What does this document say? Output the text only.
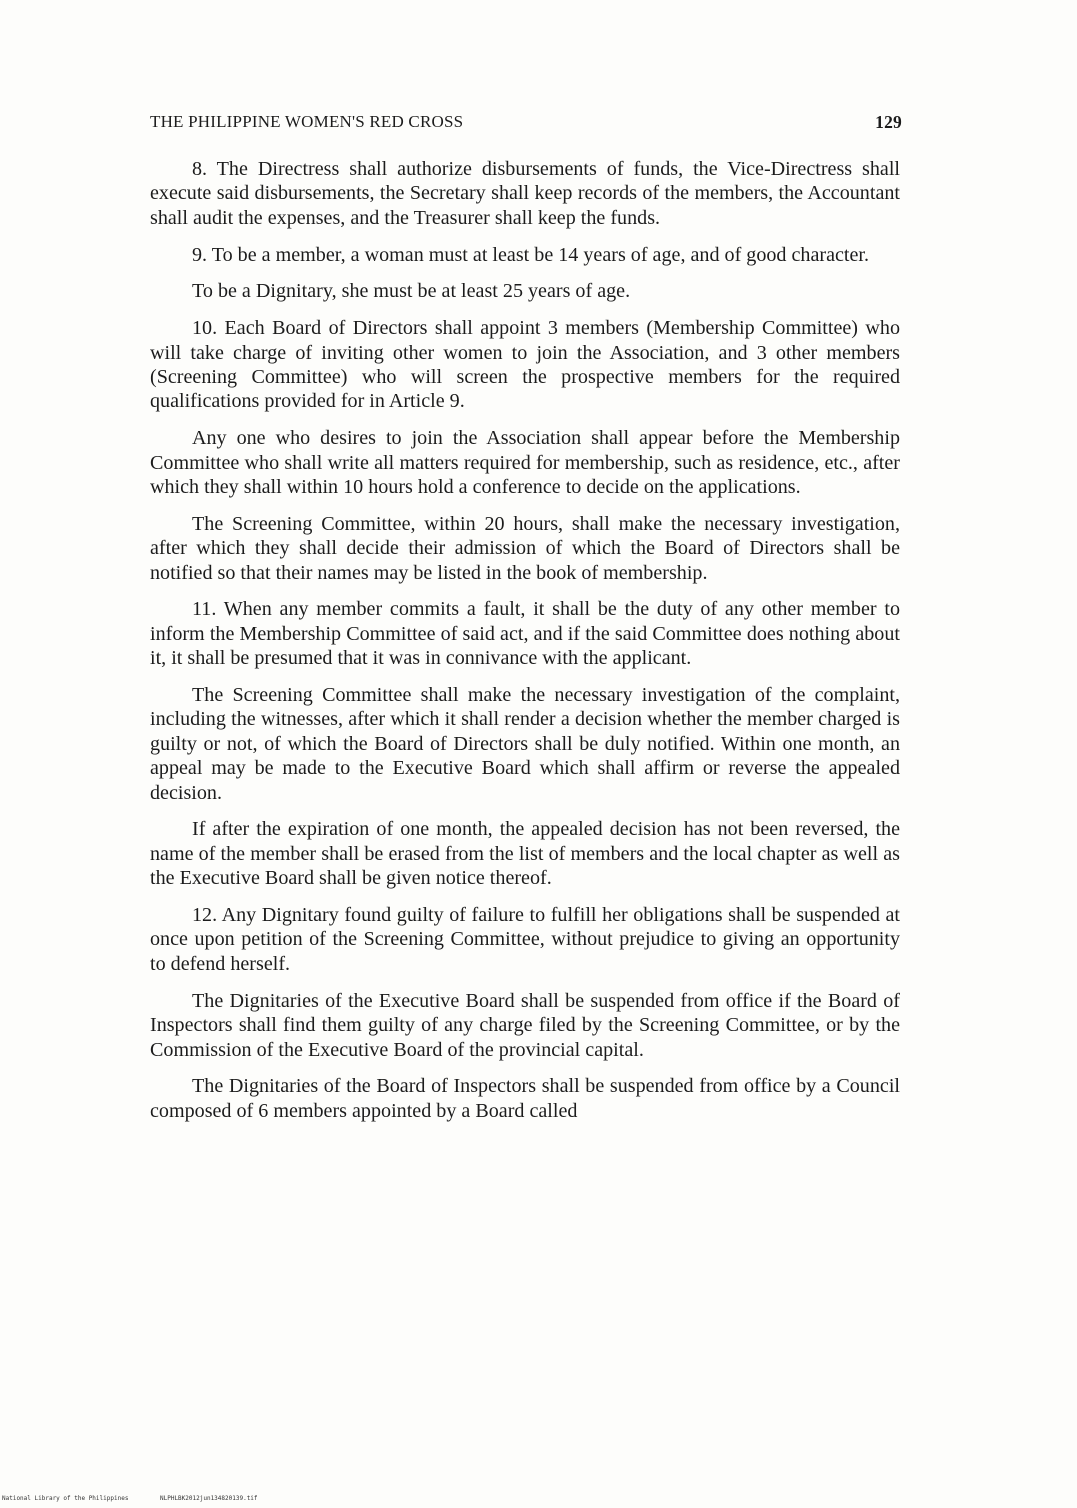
THE PHILIPPINE WOMEN'S RED CROSS	129

8. The Directress shall authorize disbursements of funds, the Vice-Directress shall execute said disbursements, the Secretary shall keep records of the members, the Accountant shall audit the expenses, and the Treasurer shall keep the funds.

9. To be a member, a woman must at least be 14 years of age, and of good character.

To be a Dignitary, she must be at least 25 years of age.

10. Each Board of Directors shall appoint 3 members (Membership Committee) who will take charge of inviting other women to join the Association, and 3 other members (Screening Committee) who will screen the prospective members for the required qualifications provided for in Article 9.

Any one who desires to join the Association shall appear before the Membership Committee who shall write all matters required for membership, such as residence, etc., after which they shall within 10 hours hold a conference to decide on the applications.

The Screening Committee, within 20 hours, shall make the necessary investigation, after which they shall decide their admission of which the Board of Directors shall be notified so that their names may be listed in the book of membership.

11. When any member commits a fault, it shall be the duty of any other member to inform the Membership Committee of said act, and if the said Committee does nothing about it, it shall be presumed that it was in connivance with the applicant.

The Screening Committee shall make the necessary investigation of the complaint, including the witnesses, after which it shall render a decision whether the member charged is guilty or not, of which the Board of Directors shall be duly notified. Within one month, an appeal may be made to the Executive Board which shall affirm or reverse the appealed decision.

If after the expiration of one month, the appealed decision has not been reversed, the name of the member shall be erased from the list of members and the local chapter as well as the Executive Board shall be given notice thereof.

12. Any Dignitary found guilty of failure to fulfill her obligations shall be suspended at once upon petition of the Screening Committee, without prejudice to giving an opportunity to defend herself.

The Dignitaries of the Executive Board shall be suspended from office if the Board of Inspectors shall find them guilty of any charge filed by the Screening Committee, or by the Commission of the Executive Board of the provincial capital.

The Dignitaries of the Board of Inspectors shall be suspended from office by a Council composed of 6 members appointed by a Board called

National Library of the Philippines	NLPHLBK2012jun13482013​9.tif
